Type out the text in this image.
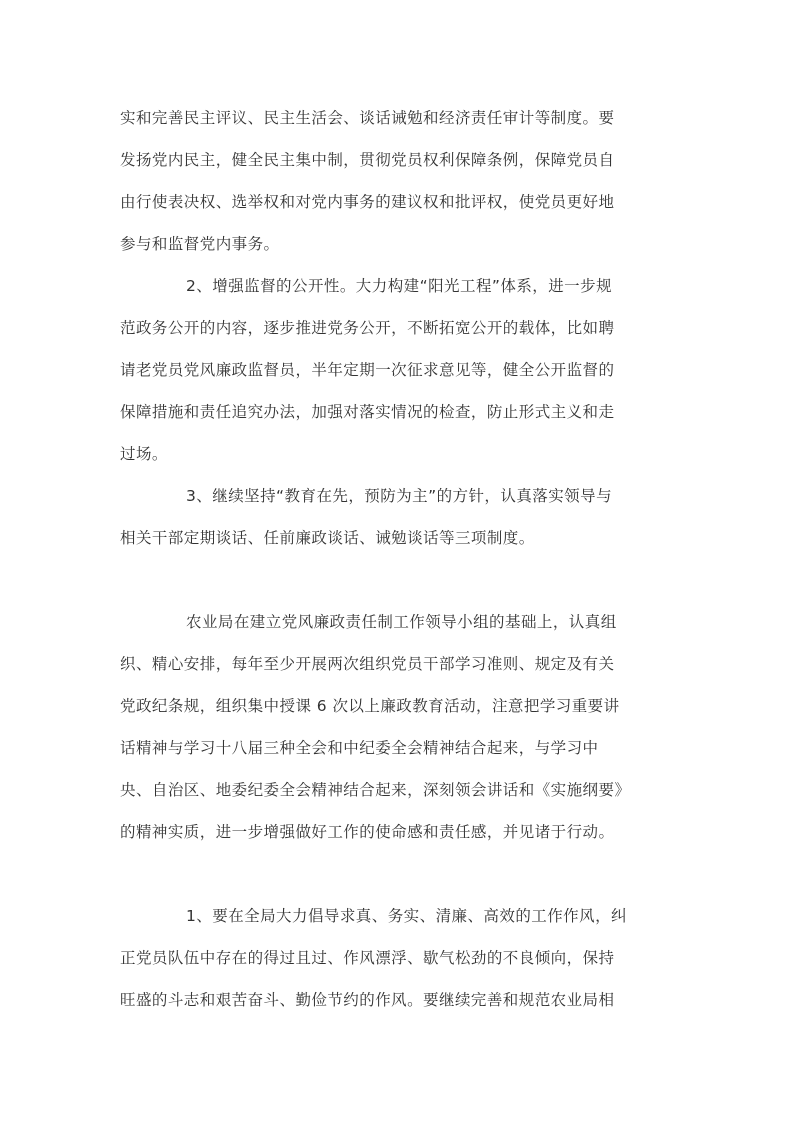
实和完善民主评议、民主生活会、谈话诫勉和经济责任审计等制度。要
发扬党内民主，健全民主集中制，贯彻党员权利保障条例，保障党员自
由行使表决权、选举权和对党内事务的建议权和批评权，使党员更好地
参与和监督党内事务。
2、增强监督的公开性。大力构建“阳光工程”体系，进一步规
范政务公开的内容，逐步推进党务公开，不断拓宽公开的载体，比如聘
请老党员党风廉政监督员，半年定期一次征求意见等，健全公开监督的
保障措施和责任追究办法，加强对落实情况的检查，防止形式主义和走
过场。
3、继续坚持“教育在先，预防为主”的方针，认真落实领导与
相关干部定期谈话、任前廉政谈话、诫勉谈话等三项制度。
农业局在建立党风廉政责任制工作领导小组的基础上，认真组
织、精心安排，每年至少开展两次组织党员干部学习准则、规定及有关
党政纪条规，组织集中授课 6 次以上廉政教育活动，注意把学习重要讲
话精神与学习十八届三种全会和中纪委全会精神结合起来，与学习中
央、自治区、地委纪委全会精神结合起来，深刻领会讲话和《实施纲要》
的精神实质，进一步增强做好工作的使命感和责任感，并见诸于行动。
1、要在全局大力倡导求真、务实、清廉、高效的工作作风，纠
正党员队伍中存在的得过且过、作风漂浮、歇气松劲的不良倾向，保持
旺盛的斗志和艰苦奋斗、勤俭节约的作风。要继续完善和规范农业局相
